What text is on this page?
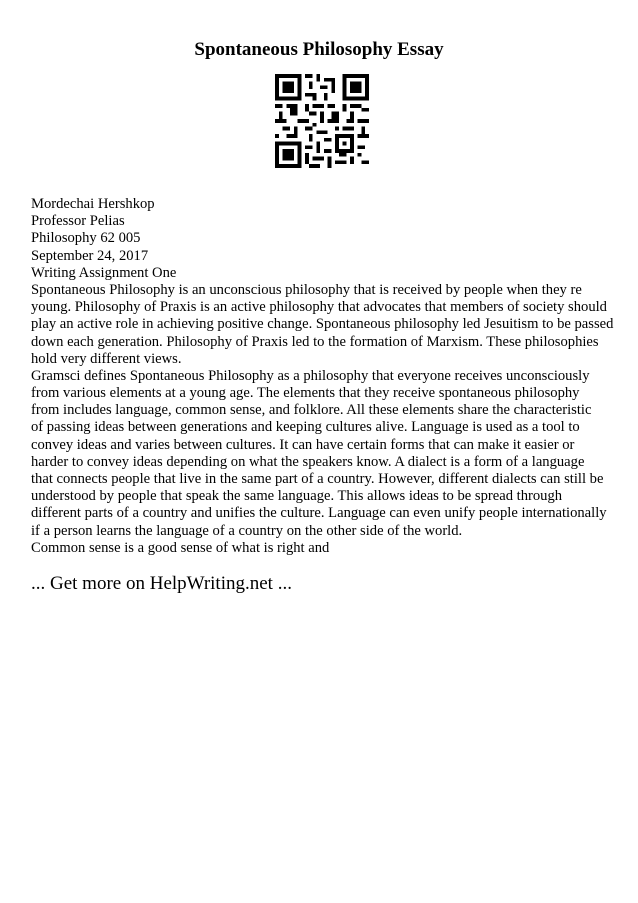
Spontaneous Philosophy Essay
Mordechai Hershkop
Professor Pelias
Philosophy 62 005
September 24, 2017
Writing Assignment One
Spontaneous Philosophy is an unconscious philosophy that is received by people when they re
young. Philosophy of Praxis is an active philosophy that advocates that members of society should
play an active role in achieving positive change. Spontaneous philosophy led Jesuitism to be passed
down each generation. Philosophy of Praxis led to the formation of Marxism. These philosophies
hold very different views.
Gramsci defines Spontaneous Philosophy as a philosophy that everyone receives unconsciously
from various elements at a young age. The elements that they receive spontaneous philosophy
from includes language, common sense, and folklore. All these elements share the characteristic
of passing ideas between generations and keeping cultures alive. Language is used as a tool to
convey ideas and varies between cultures. It can have certain forms that can make it easier or
harder to convey ideas depending on what the speakers know. A dialect is a form of a language
that connects people that live in the same part of a country. However, different dialects can still be
understood by people that speak the same language. This allows ideas to be spread through
different parts of a country and unifies the culture. Language can even unify people internationally
if a person learns the language of a country on the other side of the world.
Common sense is a good sense of what is right and
... Get more on HelpWriting.net ...
